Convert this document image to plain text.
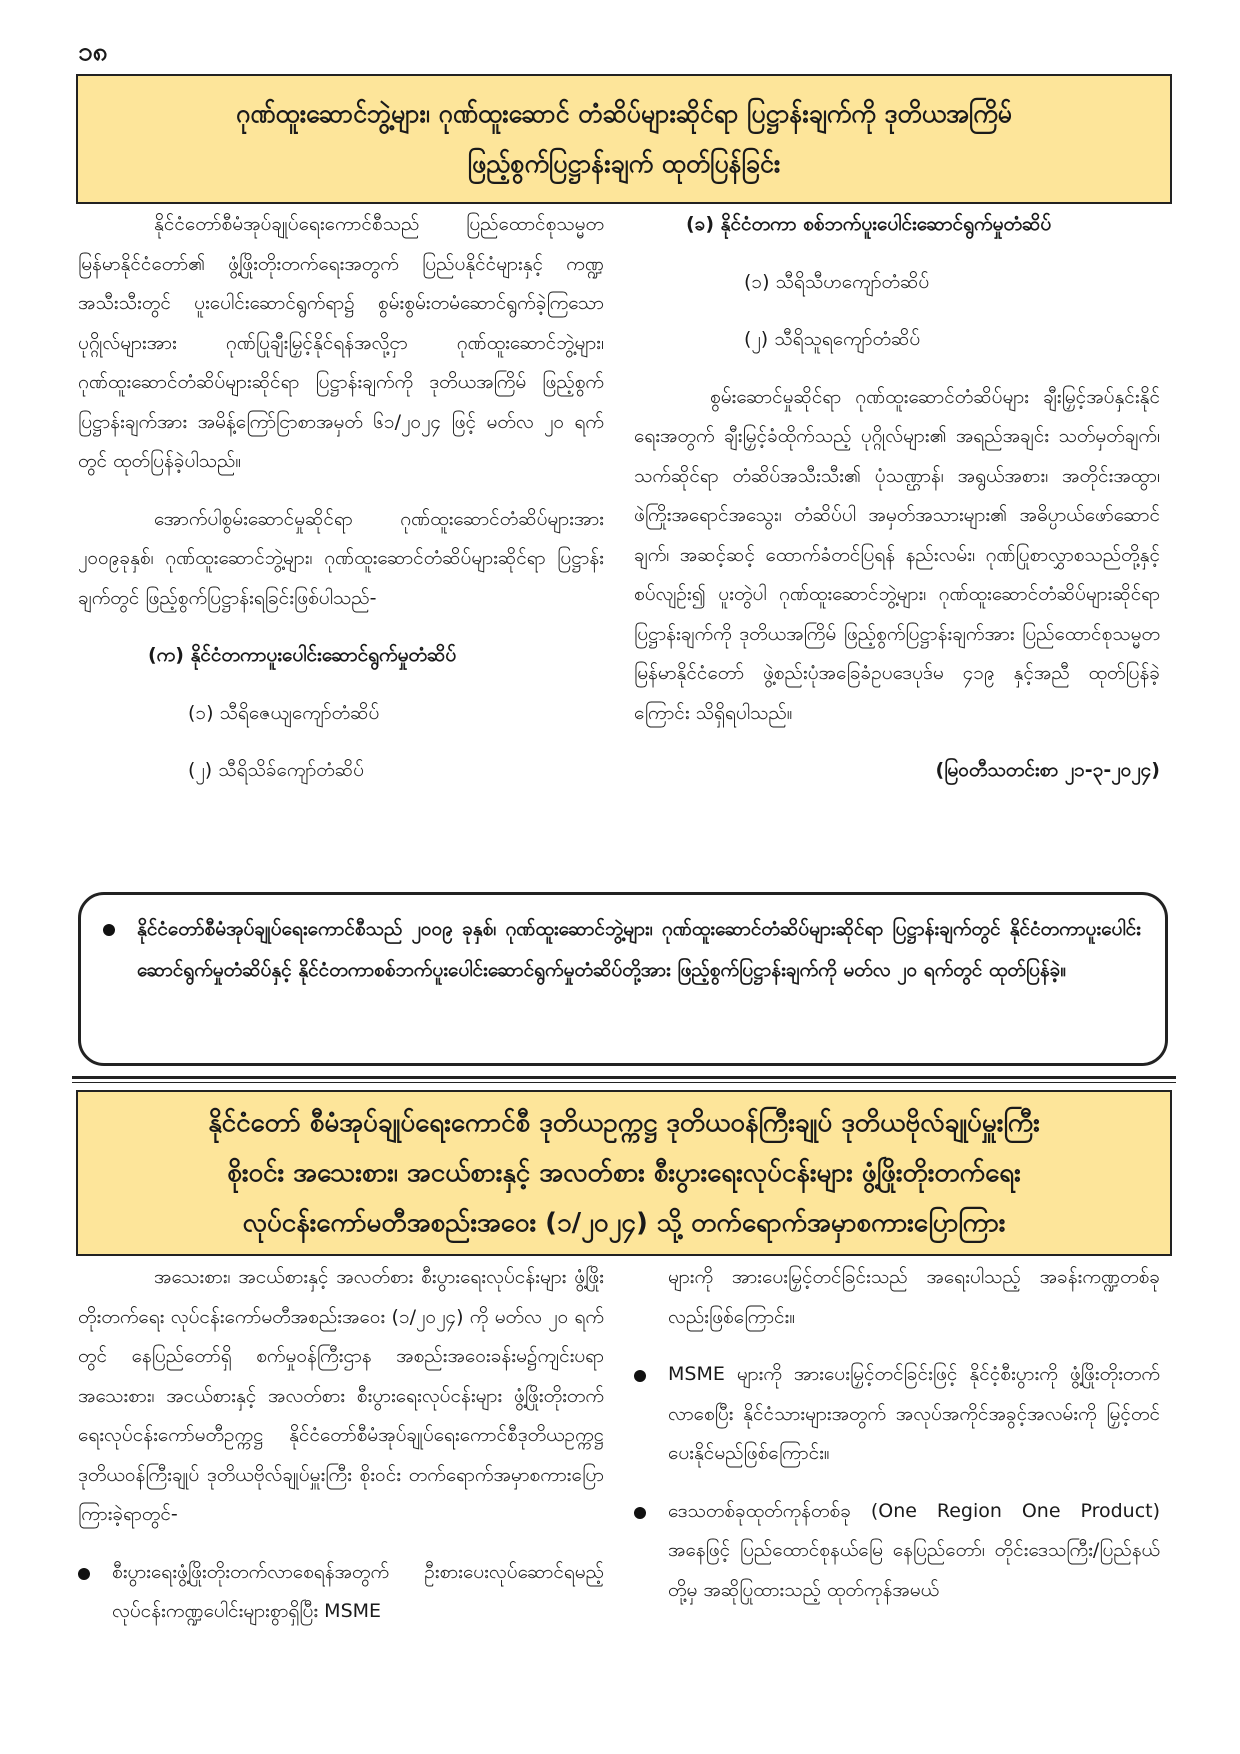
၁၈
ဂုဏ်ထူးဆောင်ဘွဲ့များ၊ ဂုဏ်ထူးဆောင် တံဆိပ်များဆိုင်ရာ ပြဋ္ဌာန်းချက်ကို ဒုတိယအကြိမ်
ဖြည့်စွက်ပြဋ္ဌာန်းချက် ထုတ်ပြန်ခြင်း

နိုင်ငံတော်စီမံအုပ်ချုပ်ရေးကောင်စီသည် ပြည်ထောင်စုသမ္မတ မြန်မာနိုင်ငံတော်၏ ဖွံ့ဖြိုးတိုးတက်ရေးအတွက် ပြည်ပနိုင်ငံများနှင့် ကဏ္ဍအသီးသီးတွင် ပူးပေါင်းဆောင်ရွက်ရာ၌ စွမ်းစွမ်းတမံဆောင်ရွက်ခဲ့ကြသော ပုဂ္ဂိုလ်များအား ဂုဏ်ပြုချီးမြှင့်နိုင်ရန်အလို့ငှာ ဂုဏ်ထူးဆောင်ဘွဲ့များ၊ ဂုဏ်ထူးဆောင်တံဆိပ်များဆိုင်ရာ ပြဋ္ဌာန်းချက်ကို ဒုတိယအကြိမ် ဖြည့်စွက်ပြဋ္ဌာန်းချက်အား အမိန့်ကြော်ငြာစာအမှတ် ၆၁/၂၀၂၄ ဖြင့် မတ်လ ၂၀ ရက်တွင် ထုတ်ပြန်ခဲ့ပါသည်။

အောက်ပါစွမ်းဆောင်မှုဆိုင်ရာ ဂုဏ်ထူးဆောင်တံဆိပ်များအား ၂၀၀၉ခုနှစ်၊ ဂုဏ်ထူးဆောင်ဘွဲ့များ၊ ဂုဏ်ထူးဆောင်တံဆိပ်များဆိုင်ရာ ပြဋ္ဌာန်းချက်တွင် ဖြည့်စွက်ပြဋ္ဌာန်းရခြင်းဖြစ်ပါသည်-

(က) နိုင်ငံတကာပူးပေါင်းဆောင်ရွက်မှုတံဆိပ်

(၁) သီရိဇေယျကျော်တံဆိပ်

(၂) သီရိသိခ်ကျော်တံဆိပ်

(ခ) နိုင်ငံတကာ စစ်ဘက်ပူးပေါင်းဆောင်ရွက်မှုတံဆိပ်

(၁) သီရိသီဟကျော်တံဆိပ်

(၂) သီရိသူရကျော်တံဆိပ်

စွမ်းဆောင်မှုဆိုင်ရာ ဂုဏ်ထူးဆောင်တံဆိပ်များ ချီးမြှင့်အပ်နှင်းနိုင်ရေးအတွက် ချီးမြှင့်ခံထိုက်သည့် ပုဂ္ဂိုလ်များ၏ အရည်အချင်း သတ်မှတ်ချက်၊ သက်ဆိုင်ရာ တံဆိပ်အသီးသီး၏ ပုံသဏ္ဌာန်၊ အရွယ်အစား၊ အတိုင်းအထွာ၊ ဖဲကြိုးအရောင်အသွေး၊ တံဆိပ်ပါ အမှတ်အသားများ၏ အဓိပ္ပာယ်ဖော်ဆောင်ချက်၊ အဆင့်ဆင့် ထောက်ခံတင်ပြရန် နည်းလမ်း၊ ဂုဏ်ပြုစာလွှာစသည်တို့နှင့်စပ်လျဉ်း၍ ပူးတွဲပါ ဂုဏ်ထူးဆောင်ဘွဲ့များ၊ ဂုဏ်ထူးဆောင်တံဆိပ်များဆိုင်ရာ ပြဋ္ဌာန်းချက်ကို ဒုတိယအကြိမ် ဖြည့်စွက်ပြဋ္ဌာန်းချက်အား ပြည်ထောင်စုသမ္မတမြန်မာနိုင်ငံတော် ဖွဲ့စည်းပုံအခြေခံဥပဒေပုဒ်မ ၄၁၉ နှင့်အညီ ထုတ်ပြန်ခဲ့ကြောင်း သိရှိရပါသည်။

(မြဝတီသတင်းစာ ၂၁-၃-၂၀၂၄)

နိုင်ငံတော်စီမံအုပ်ချုပ်ရေးကောင်စီသည် ၂၀၀၉ ခုနှစ်၊ ဂုဏ်ထူးဆောင်ဘွဲ့များ၊ ဂုဏ်ထူးဆောင်တံဆိပ်များဆိုင်ရာ ပြဋ္ဌာန်းချက်တွင် နိုင်ငံတကာပူးပေါင်းဆောင်ရွက်မှုတံဆိပ်နှင့် နိုင်ငံတကာစစ်ဘက်ပူးပေါင်းဆောင်ရွက်မှုတံဆိပ်တို့အား ဖြည့်စွက်ပြဋ္ဌာန်းချက်ကို မတ်လ ၂၀ ရက်တွင် ထုတ်ပြန်ခဲ့။
နိုင်ငံတော် စီမံအုပ်ချုပ်ရေးကောင်စီ ဒုတိယဥက္ကဋ္ဌ ဒုတိယဝန်ကြီးချုပ် ဒုတိယဗိုလ်ချုပ်မှူးကြီး
စိုးဝင်း အသေးစား၊ အငယ်စားနှင့် အလတ်စား စီးပွားရေးလုပ်ငန်းများ ဖွံ့ဖြိုးတိုးတက်ရေး
လုပ်ငန်းကော်မတီအစည်းအဝေး (၁/၂၀၂၄) သို့ တက်ရောက်အမှာစကားပြောကြား

အသေးစား၊ အငယ်စားနှင့် အလတ်စား စီးပွားရေးလုပ်ငန်းများ ဖွံ့ဖြိုးတိုးတက်ရေး လုပ်ငန်းကော်မတီအစည်းအဝေး (၁/၂၀၂၄) ကို မတ်လ ၂၀ ရက်တွင် နေပြည်တော်ရှိ စက်မှုဝန်ကြီးဌာန အစည်းအဝေးခန်းမ၌ကျင်းပရာ အသေးစား၊ အငယ်စားနှင့် အလတ်စား စီးပွားရေးလုပ်ငန်းများ ဖွံ့ဖြိုးတိုးတက်ရေးလုပ်ငန်းကော်မတီဥက္ကဋ္ဌ နိုင်ငံတော်စီမံအုပ်ချုပ်ရေးကောင်စီဒုတိယဥက္ကဋ္ဌ ဒုတိယဝန်ကြီးချုပ် ဒုတိယဗိုလ်ချုပ်မှူးကြီး စိုးဝင်း တက်ရောက်အမှာစကားပြောကြားခဲ့ရာတွင်-

စီးပွားရေးဖွံ့ဖြိုးတိုးတက်လာစေရန်အတွက် ဦးစားပေးလုပ်ဆောင်ရမည့် လုပ်ငန်းကဏ္ဍပေါင်းများစွာရှိပြီး MSME

များကို အားပေးမြှင့်တင်ခြင်းသည် အရေးပါသည့် အခန်းကဏ္ဍတစ်ခုလည်းဖြစ်ကြောင်း။

MSME များကို အားပေးမြှင့်တင်ခြင်းဖြင့် နိုင်ငံ့စီးပွားကို ဖွံ့ဖြိုးတိုးတက်လာစေပြီး နိုင်ငံသားများအတွက် အလုပ်အကိုင်အခွင့်အလမ်းကို မြှင့်တင်ပေးနိုင်မည်ဖြစ်ကြောင်း။
ဒေသတစ်ခုထုတ်ကုန်တစ်ခု (One Region One Product) အနေဖြင့် ပြည်ထောင်စုနယ်မြေ နေပြည်တော်၊ တိုင်းဒေသကြီး/ပြည်နယ်တို့မှ အဆိုပြုထားသည့် ထုတ်ကုန်အမယ်
